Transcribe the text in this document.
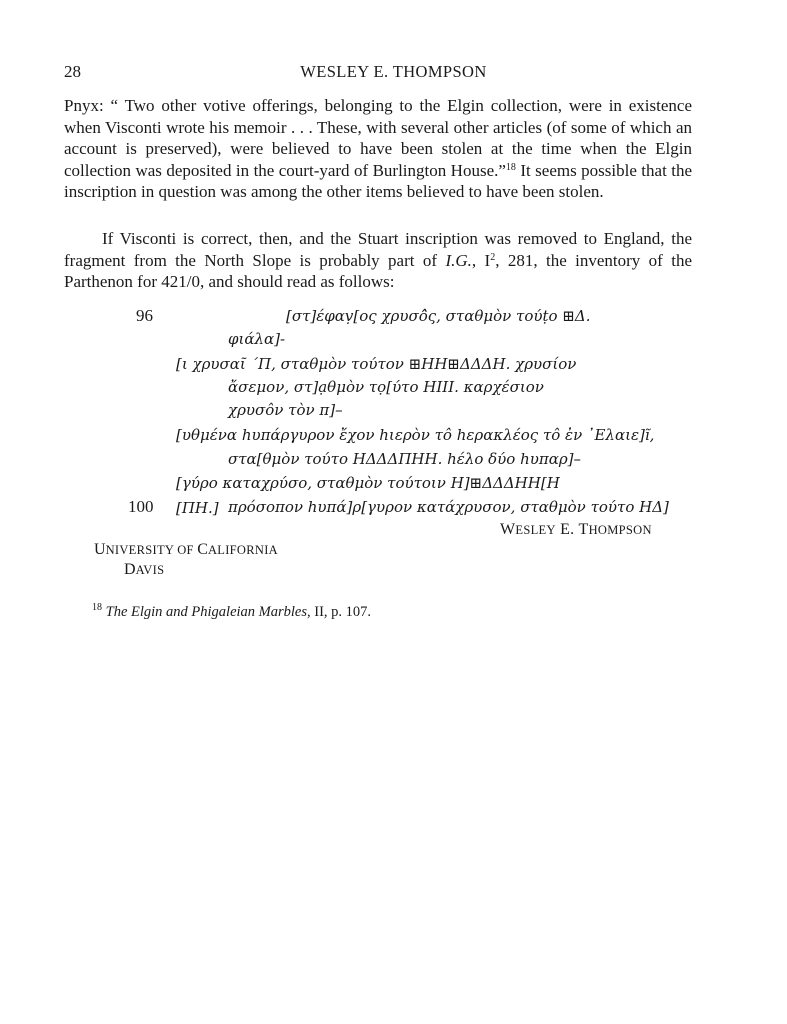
28	WESLEY E. THOMPSON

Pnyx: “ Two other votive offerings, belonging to the Elgin collection, were in existence when Visconti wrote his memoir . . . These, with several other articles (of some of which an account is preserved), were believed to have been stolen at the time when the Elgin collection was deposited in the court-yard of Burlington House.”$^{18}$ It seems possible that the inscription in question was among the other items believed to have been stolen.

If Visconti is correct, then, and the Stuart inscription was removed to England, the fragment from the North Slope is probably part of I.G., $I^2$, 281, the inventory of the Parthenon for 421/0, and should read as follows:

96	[στ]έφαṿ[ος χρυσô̂ς, σταθμὸν τούṭο ⊞Δ.
φιάλα]-
[ι χρυσαῖ ΄Π, σταθμὸν τούτον ⊞ΗΗ⊞ΔΔΔΗ. χρυσίον
ἄσεμον, στ]ạθμὸν τọ[ύτο ΗΙΙΙ. καρχέσιον
χρυσôν τὸν π]–
[υθμένα hυπάργυρον ἔχον hιερὸν τô hερακλέος τô ἐν ᾿Ελαιε]ĩ,
στα[θμὸν τούτο ΗΔΔΔΠΗΗ. hέλο δύο hυπαρ]–
[γύρο καταχρύσο, σταθμὸν τούτοιν Η]⊞ΔΔΔΗΗ[Η
πρόσοπον hυπά]ρ[γυρον κατάχρυσον, σταθμὸν τούτο ΗΔ]
100 [ΠΗ.]
WESLEY E. THOMPSON
UNIVERSITY OF CALIFORNIA
DAVIS
$^{18}$ The Elgin and Phigaleian Marbles, II, p. 107.
